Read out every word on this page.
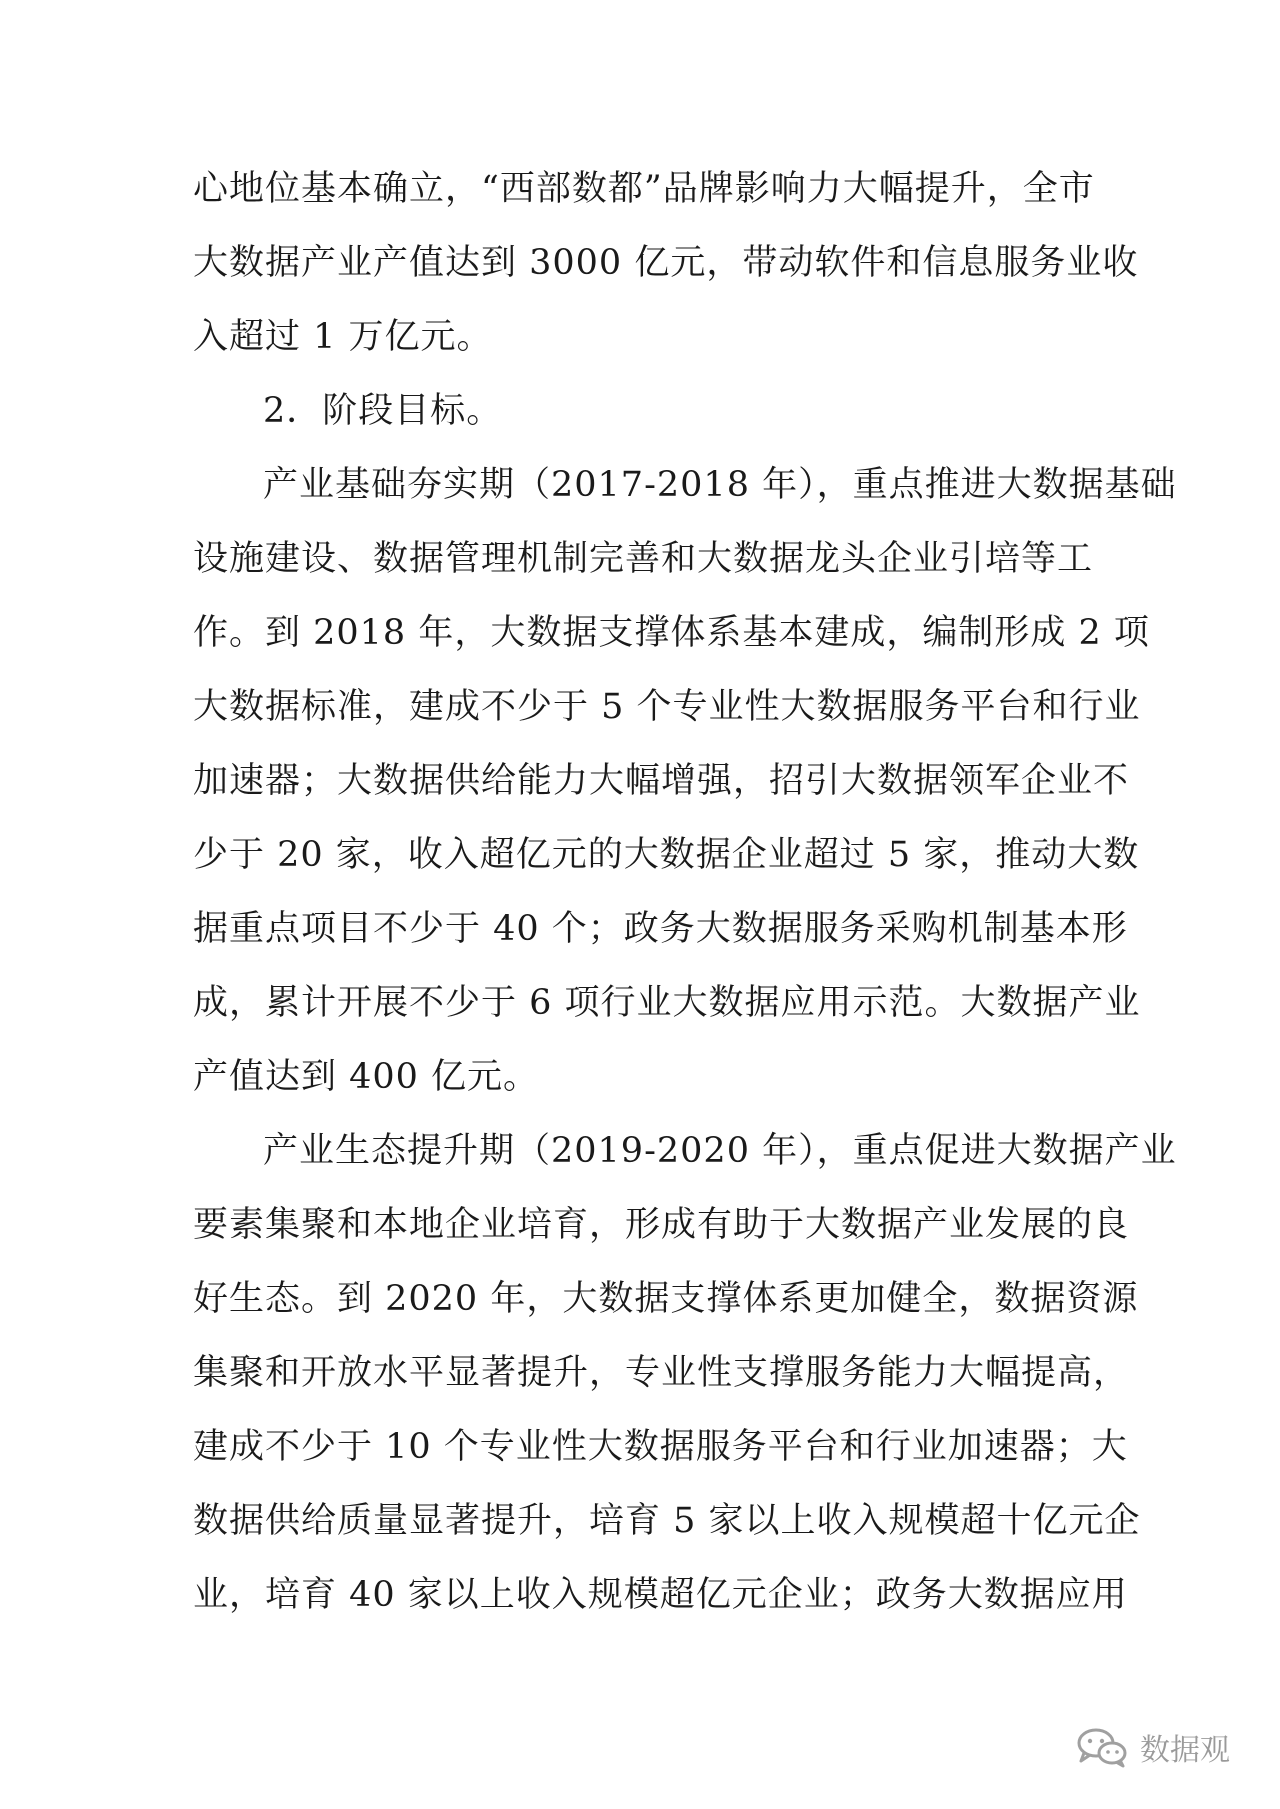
心地位基本确立，“西部数都”品牌影响力大幅提升，全市
大数据产业产值达到 3000 亿元，带动软件和信息服务业收
入超过 1 万亿元。
2．阶段目标。
产业基础夯实期（2017-2018 年），重点推进大数据基础
设施建设、数据管理机制完善和大数据龙头企业引培等工
作。到 2018 年，大数据支撑体系基本建成，编制形成 2 项
大数据标准，建成不少于 5 个专业性大数据服务平台和行业
加速器；大数据供给能力大幅增强，招引大数据领军企业不
少于 20 家，收入超亿元的大数据企业超过 5 家，推动大数
据重点项目不少于 40 个；政务大数据服务采购机制基本形
成，累计开展不少于 6 项行业大数据应用示范。大数据产业
产值达到 400 亿元。
产业生态提升期（2019-2020 年），重点促进大数据产业
要素集聚和本地企业培育，形成有助于大数据产业发展的良
好生态。到 2020 年，大数据支撑体系更加健全，数据资源
集聚和开放水平显著提升，专业性支撑服务能力大幅提高，
建成不少于 10 个专业性大数据服务平台和行业加速器；大
数据供给质量显著提升，培育 5 家以上收入规模超十亿元企
业，培育 40 家以上收入规模超亿元企业；政务大数据应用
数据观
